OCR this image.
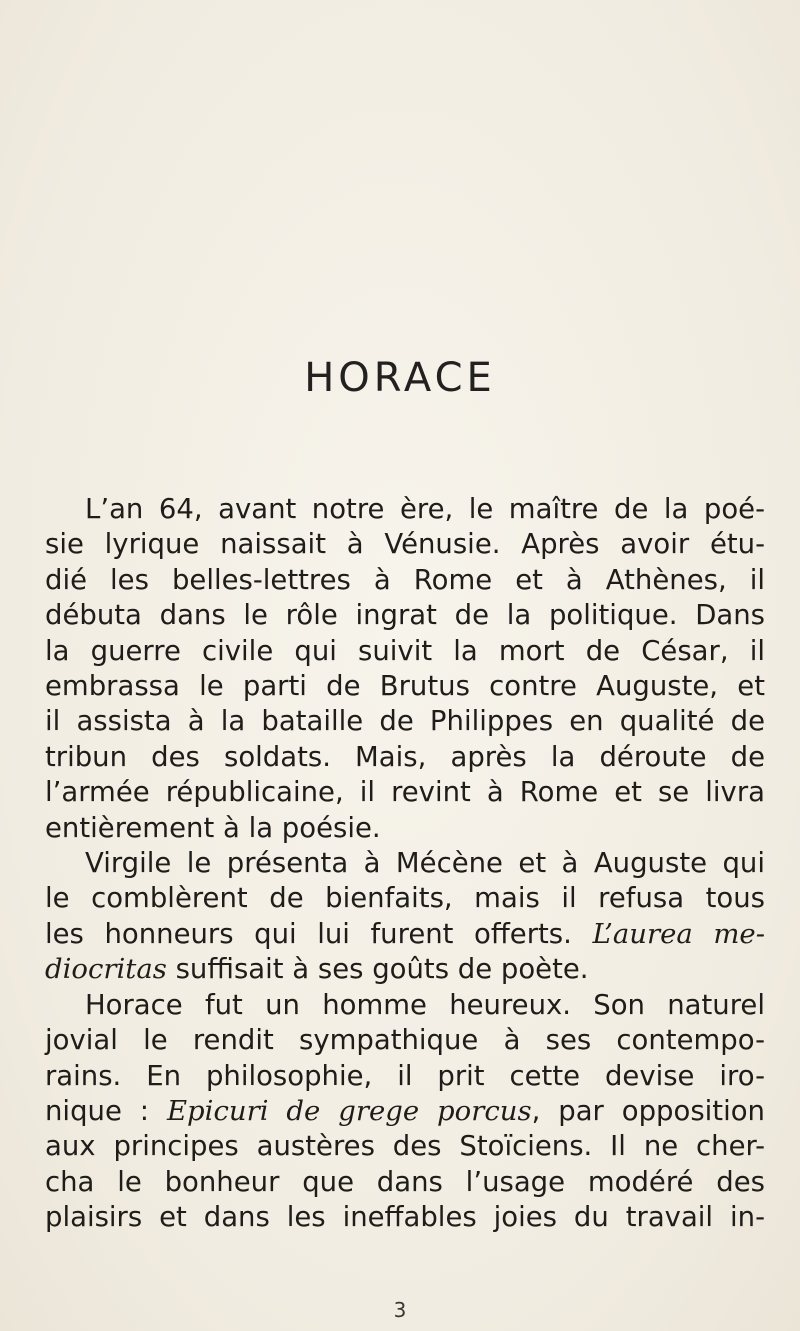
HORACE

L’an 64, avant notre ère, le maître de la poé-
sie lyrique naissait à Vénusie. Après avoir étu-
dié les belles-lettres à Rome et à Athènes, il
débuta dans le rôle ingrat de la politique. Dans
la guerre civile qui suivit la mort de César, il
embrassa le parti de Brutus contre Auguste, et
il assista à la bataille de Philippes en qualité de
tribun des soldats. Mais, après la déroute de
l’armée républicaine, il revint à Rome et se livra
entièrement à la poésie.

Virgile le présenta à Mécène et à Auguste qui
le comblèrent de bienfaits, mais il refusa tous
les honneurs qui lui furent offerts. L’aurea me-
diocritas suffisait à ses goûts de poète.

Horace fut un homme heureux. Son naturel
jovial le rendit sympathique à ses contempo-
rains. En philosophie, il prit cette devise iro-
nique : Epicuri de grege porcus, par opposition
aux principes austères des Stoïciens. Il ne cher-
cha le bonheur que dans l’usage modéré des
plaisirs et dans les ineffables joies du travail in-

3
